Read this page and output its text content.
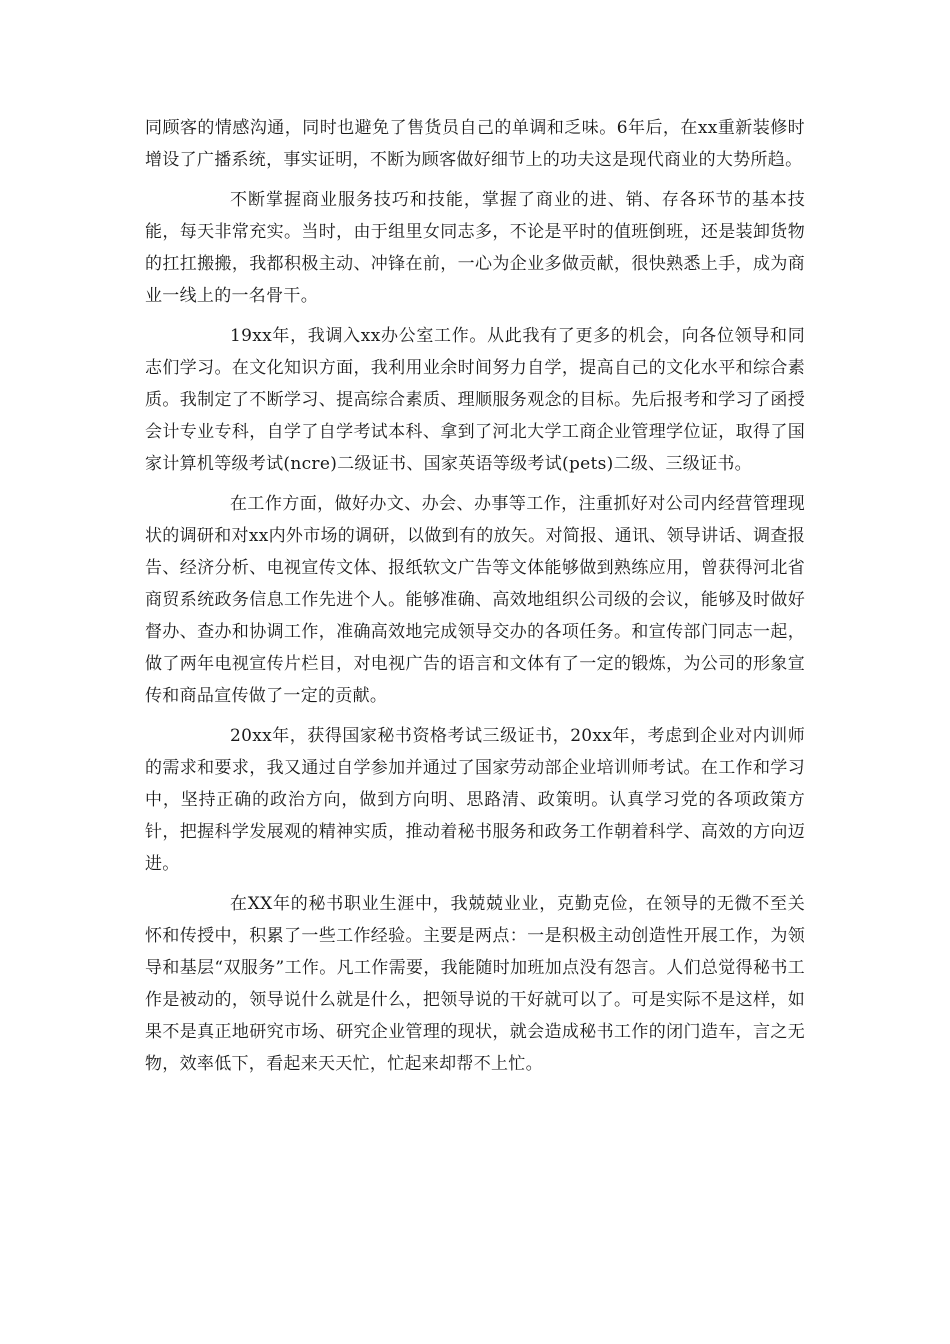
同顾客的情感沟通，同时也避免了售货员自己的单调和乏味。6年后，在xx重新装修时增设了广播系统，事实证明，不断为顾客做好细节上的功夫这是现代商业的大势所趋。

不断掌握商业服务技巧和技能，掌握了商业的进、销、存各环节的基本技能，每天非常充实。当时，由于组里女同志多，不论是平时的值班倒班，还是装卸货物的扛扛搬搬，我都积极主动、冲锋在前，一心为企业多做贡献，很快熟悉上手，成为商业一线上的一名骨干。

19xx年，我调入xx办公室工作。从此我有了更多的机会，向各位领导和同志们学习。在文化知识方面，我利用业余时间努力自学，提高自己的文化水平和综合素质。我制定了不断学习、提高综合素质、理顺服务观念的目标。先后报考和学习了函授会计专业专科，自学了自学考试本科、拿到了河北大学工商企业管理学位证，取得了国家计算机等级考试(ncre)二级证书、国家英语等级考试(pets)二级、三级证书。

在工作方面，做好办文、办会、办事等工作，注重抓好对公司内经营管理现状的调研和对xx内外市场的调研，以做到有的放矢。对简报、通讯、领导讲话、调查报告、经济分析、电视宣传文体、报纸软文广告等文体能够做到熟练应用，曾获得河北省商贸系统政务信息工作先进个人。能够准确、高效地组织公司级的会议，能够及时做好督办、查办和协调工作，准确高效地完成领导交办的各项任务。和宣传部门同志一起，做了两年电视宣传片栏目，对电视广告的语言和文体有了一定的锻炼，为公司的形象宣传和商品宣传做了一定的贡献。

20xx年，获得国家秘书资格考试三级证书，20xx年，考虑到企业对内训师的需求和要求，我又通过自学参加并通过了国家劳动部企业培训师考试。在工作和学习中，坚持正确的政治方向，做到方向明、思路清、政策明。认真学习党的各项政策方针，把握科学发展观的精神实质，推动着秘书服务和政务工作朝着科学、高效的方向迈进。

在XX年的秘书职业生涯中，我兢兢业业，克勤克俭，在领导的无微不至关怀和传授中，积累了一些工作经验。主要是两点：一是积极主动创造性开展工作，为领导和基层“双服务”工作。凡工作需要，我能随时加班加点没有怨言。人们总觉得秘书工作是被动的，领导说什么就是什么，把领导说的干好就可以了。可是实际不是这样，如果不是真正地研究市场、研究企业管理的现状，就会造成秘书工作的闭门造车，言之无物，效率低下，看起来天天忙，忙起来却帮不上忙。
